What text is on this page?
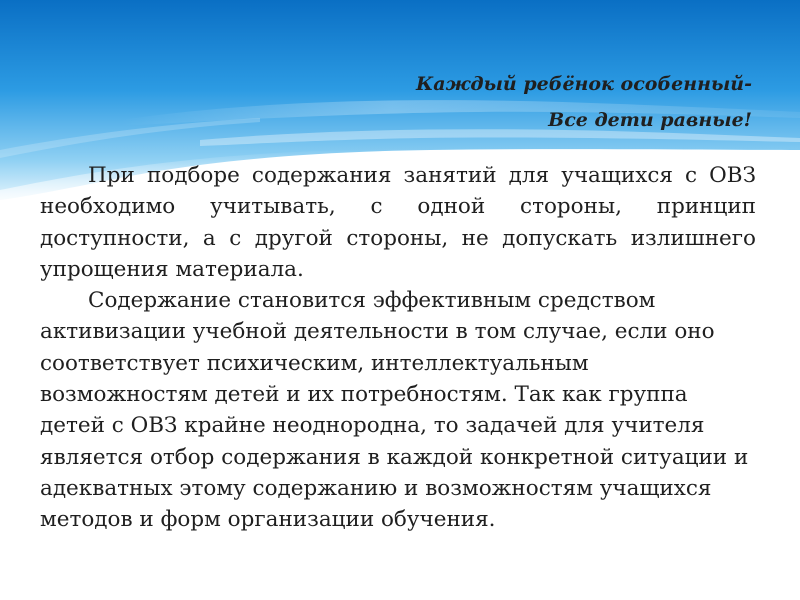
Каждый ребёнок особенный-
Все дети равные!

При подборе содержания занятий для учащихся с ОВЗ необходимо учитывать, с одной стороны, принцип доступности, а с другой стороны, не допускать излишнего упрощения материала.

Содержание становится эффективным средством активизации учебной деятельности в том случае, если оно соответствует психическим, интеллектуальным возможностям детей и их потребностям. Так как группа детей с ОВЗ крайне неоднородна, то задачей для учителя является отбор содержания в каждой конкретной ситуации и адекватных этому содержанию и возможностям учащихся методов и форм организации обучения.
